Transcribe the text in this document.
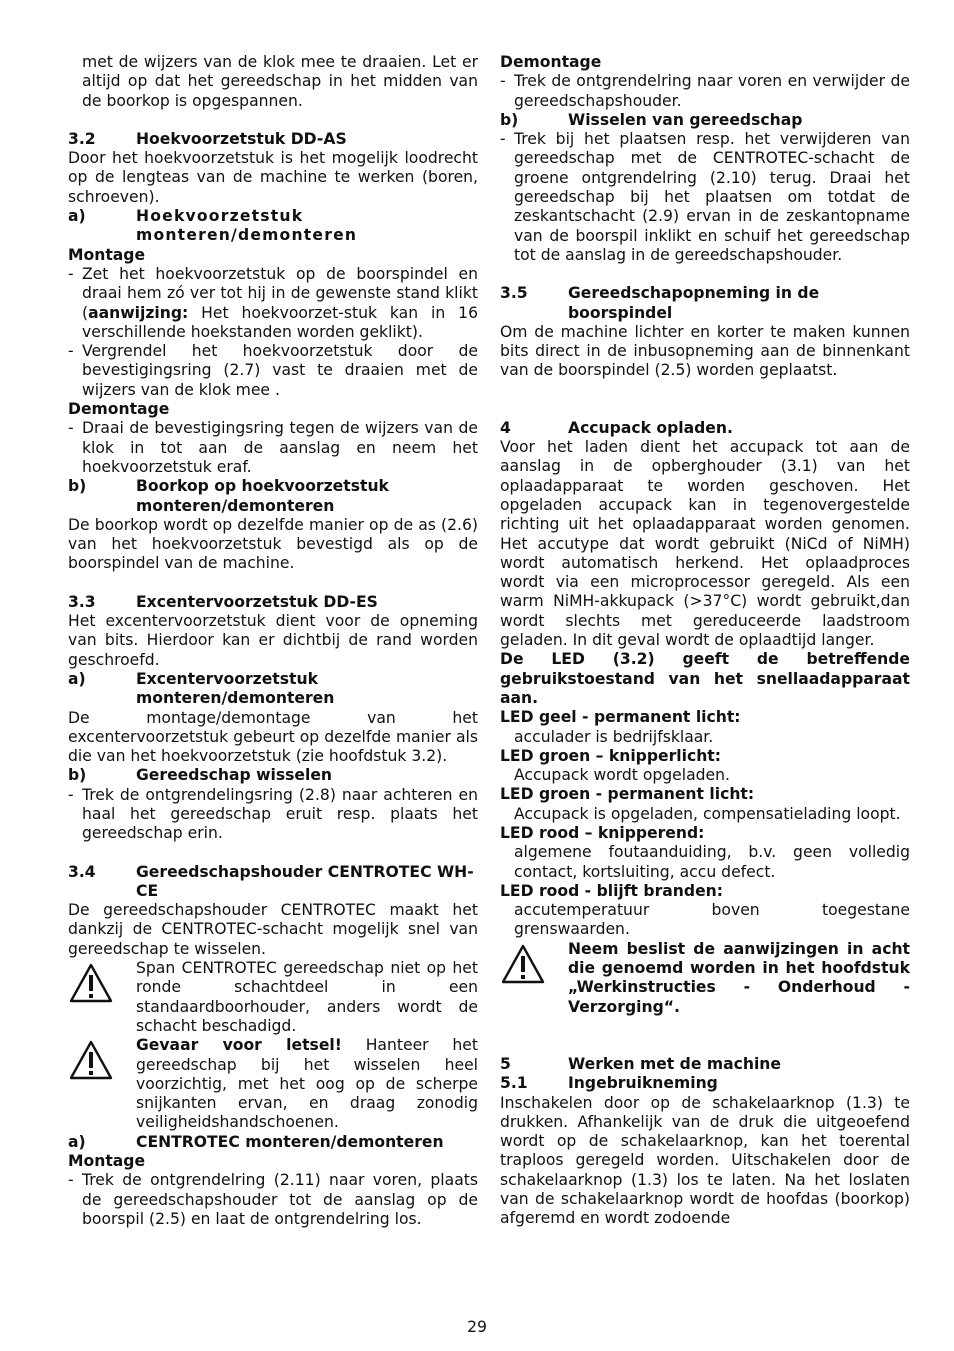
met de wijzers van de klok mee te draaien. Let er altijd op dat het gereedschap in het midden van de boorkop is opgespannen.

3.2	Hoekvoorzetstuk DD-AS

Door het hoekvoorzetstuk is het mogelijk loodrecht op de lengteas van de machine te werken (boren, schroeven).

a)	Hoekvoorzetstuk monteren/demonteren

Montage

- Zet het hoekvoorzetstuk op de boorspindel en draai hem zó ver tot hij in de gewenste stand klikt (aanwijzing: Het hoekvoorzet-stuk kan in 16 verschillende hoekstanden worden geklikt).
- Vergrendel het hoekvoorzetstuk door de bevestigingsring (2.7) vast te draaien met de wijzers van de klok mee .

Demontage

- Draai de bevestigingsring tegen de wijzers van de klok in tot aan de aanslag en neem het hoekvoorzetstuk eraf.
b)	Boorkop op hoekvoorzetstuk monteren/demonteren

De boorkop wordt op dezelfde manier op de as (2.6) van het hoekvoorzetstuk bevestigd als op de boorspindel van de machine.

3.3	Excentervoorzetstuk DD-ES

Het excentervoorzetstuk dient voor de opneming van bits. Hierdoor kan er dichtbij de rand worden geschroefd.

a)	Excentervoorzetstuk monteren/demonteren

De montage/demontage van het excentervoorzetstuk gebeurt op dezelfde manier als die van het hoekvoorzetstuk (zie hoofdstuk 3.2).

b)	Gereedschap wisselen
- Trek de ontgrendelingsring (2.8) naar achteren en haal het gereedschap eruit resp. plaats het gereedschap erin.
3.4	Gereedschapshouder CENTROTEC WH-CE

De gereedschapshouder CENTROTEC maakt het dankzij de CENTROTEC-schacht mogelijk snel van gereedschap te wisselen.

Span CENTROTEC gereedschap niet op het ronde schachtdeel in een standaardboorhouder, anders wordt de schacht beschadigd.
Gevaar voor letsel! Hanteer het gereedschap bij het wisselen heel voorzichtig, met het oog op de scherpe snijkanten ervan, en draag zonodig veiligheidshandschoenen.
a)	CENTROTEC monteren/demonteren

Montage

- Trek de ontgrendelring (2.11) naar voren, plaats de gereedschapshouder tot de aanslag op de boorspil (2.5) en laat de ontgrendelring los.

Demontage

- Trek de ontgrendelring naar voren en verwijder de gereedschapshouder.
b)	Wisselen van gereedschap
- Trek bij het plaatsen resp. het verwijderen van gereedschap met de CENTROTEC-schacht de groene ontgrendelring (2.10) terug. Draai het gereedschap bij het plaatsen om totdat de zeskantschacht (2.9) ervan in de zeskantopname van de boorspil inklikt en schuif het gereedschap tot de aanslag in de gereedschapshouder.
3.5	Gereedschapopneming in de boorspindel

Om de machine lichter en korter te maken kunnen bits direct in de inbusopneming aan de binnenkant van de boorspindel (2.5) worden geplaatst.

4	Accupack opladen.

Voor het laden dient het accupack tot aan de aanslag in de opberghouder (3.1) van het oplaadapparaat te worden geschoven. Het opgeladen accupack kan in tegenovergestelde richting uit het oplaadapparaat worden genomen. Het accutype dat wordt gebruikt (NiCd of NiMH) wordt automatisch herkend. Het oplaadproces wordt via een microprocessor geregeld. Als een warm NiMH-akkupack (>37°C) wordt gebruikt,dan wordt slechts met gereduceerde laadstroom geladen. In dit geval wordt de oplaadtijd langer.

De LED (3.2) geeft de betreffende gebruikstoestand van het snellaadapparaat aan.

LED geel - permanent licht:

acculader is bedrijfsklaar.

LED groen – knipperlicht:

Accupack wordt opgeladen.

LED groen - permanent licht:

Accupack is opgeladen, compensatielading loopt.

LED rood – knipperend:

algemene foutaanduiding, b.v. geen volledig contact, kortsluiting, accu defect.

LED rood - blijft branden:

accutemperatuur boven toegestane grenswaarden.

Neem beslist de aanwijzingen in acht die genoemd worden in het hoofdstuk „Werkinstructies - Onderhoud - Verzorging“.
5	Werken met de machine
5.1	Ingebruikneming

Inschakelen door op de schakelaarknop (1.3) te drukken. Afhankelijk van de druk die uitgeoefend wordt op de schakelaarknop, kan het toerental traploos geregeld worden. Uitschakelen door de schakelaarknop (1.3) los te laten. Na het loslaten van de schakelaarknop wordt de hoofdas (boorkop) afgeremd en wordt zodoende

29
